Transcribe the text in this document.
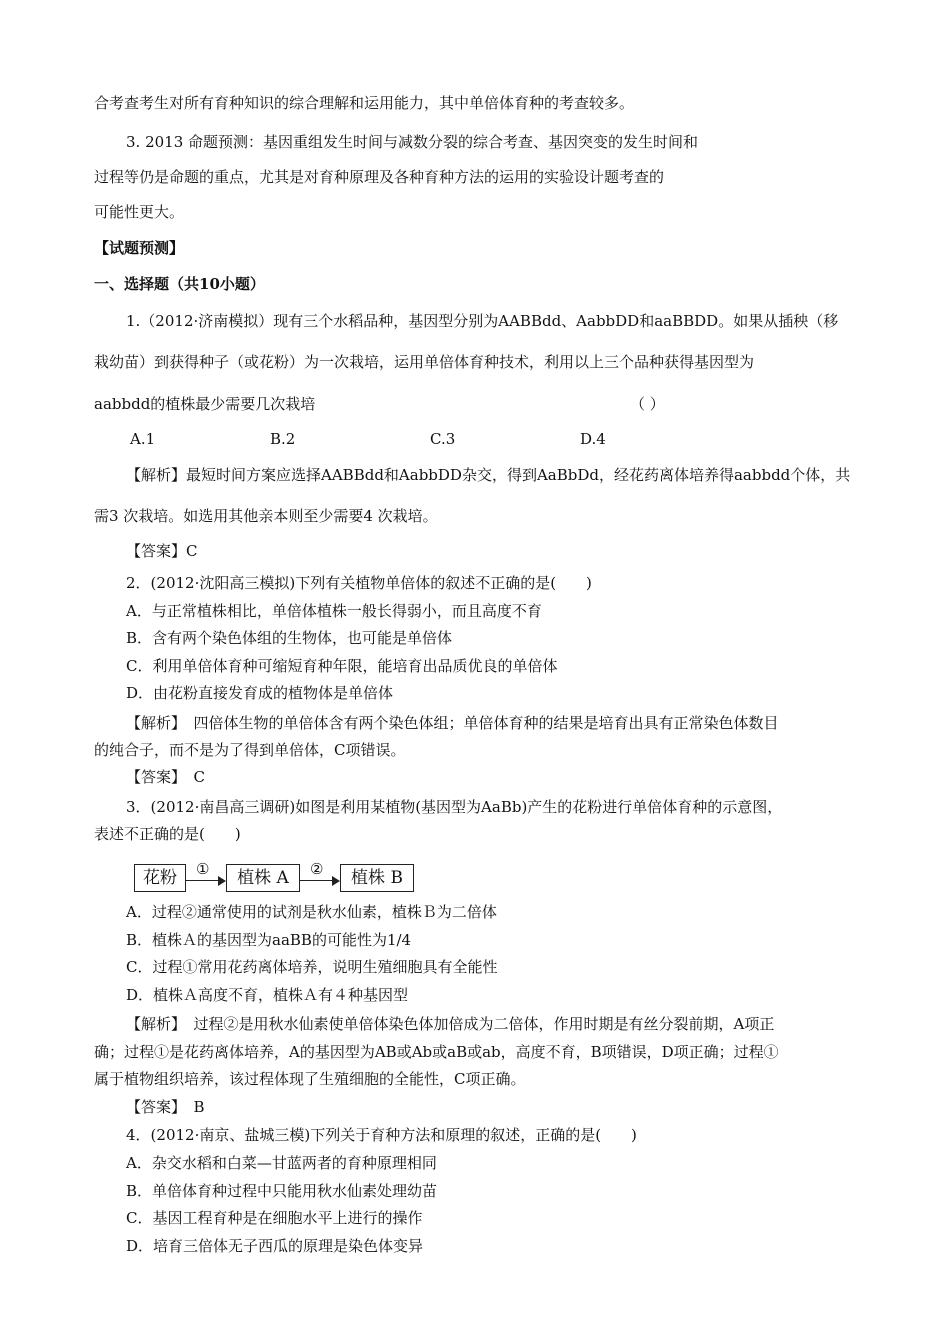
合考查考生对所有育种知识的综合理解和运用能力，其中单倍体育种的考查较多。
3. 2013 命题预测：基因重组发生时间与减数分裂的综合考查、基因突变的发生时间和
过程等仍是命题的重点，尤其是对育种原理及各种育种方法的运用的实验设计题考查的
可能性更大。
【试题预测】
一、选择题（共10小题）
1.（2012·济南模拟）现有三个水稻品种，基因型分别为AABBdd、AabbDD和aaBBDD。如果从插秧（移
栽幼苗）到获得种子（或花粉）为一次栽培，运用单倍体育种技术，利用以上三个品种获得基因型为
aabbdd的植株最少需要几次栽培	（ ）
A.1	B.2	C.3	D.4
【解析】最短时间方案应选择AABBdd和AabbDD杂交，得到AaBbDd，经花药离体培养得aabbdd个体，共
需3 次栽培。如选用其他亲本则至少需要4 次栽培。
【答案】C
2．(2012·沈阳高三模拟)下列有关植物单倍体的叙述不正确的是(　　)
A．与正常植株相比，单倍体植株一般长得弱小，而且高度不育
B．含有两个染色体组的生物体，也可能是单倍体
C．利用单倍体育种可缩短育种年限，能培育出品质优良的单倍体
D．由花粉直接发育成的植物体是单倍体
【解析】　四倍体生物的单倍体含有两个染色体组；单倍体育种的结果是培育出具有正常染色体数目
的纯合子，而不是为了得到单倍体，C项错误。
【答案】　C
3．(2012·南昌高三调研)如图是利用某植物(基因型为AaBb)产生的花粉进行单倍体育种的示意图，
表述不正确的是(　　)
花粉	①	植株 A	②	植株 B
A．过程②通常使用的试剂是秋水仙素，植株Ｂ为二倍体
B．植株Ａ的基因型为aaBB的可能性为1/4
C．过程①常用花药离体培养，说明生殖细胞具有全能性
D．植株Ａ高度不育，植株Ａ有４种基因型
【解析】　过程②是用秋水仙素使单倍体染色体加倍成为二倍体，作用时期是有丝分裂前期，A项正
确；过程①是花药离体培养，A的基因型为AB或Ab或aB或ab，高度不育，B项错误，D项正确；过程①
属于植物组织培养，该过程体现了生殖细胞的全能性，C项正确。
【答案】　B
4．(2012·南京、盐城三模)下列关于育种方法和原理的叙述，正确的是(　　)
A．杂交水稻和白菜—甘蓝两者的育种原理相同
B．单倍体育种过程中只能用秋水仙素处理幼苗
C．基因工程育种是在细胞水平上进行的操作
D．培育三倍体无子西瓜的原理是染色体变异
